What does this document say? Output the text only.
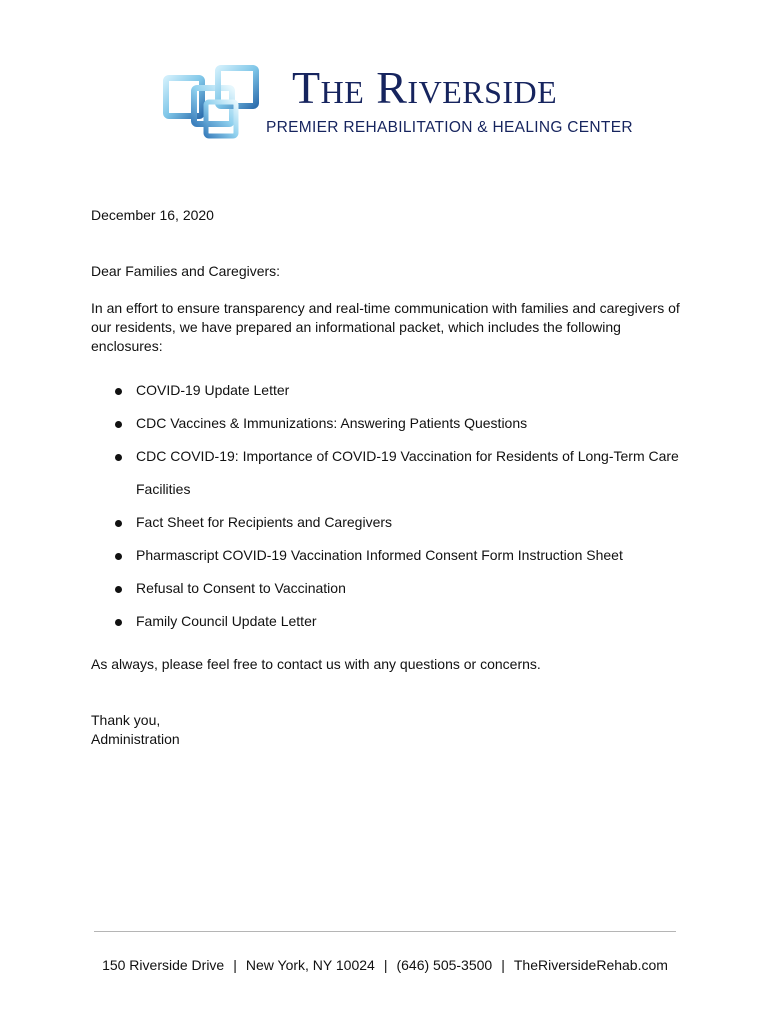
The Riverside
PREMIER REHABILITATION & HEALING CENTER
December 16, 2020
Dear Families and Caregivers:
In an effort to ensure transparency and real-time communication with families and caregivers of our residents, we have prepared an informational packet, which includes the following enclosures:
COVID-19 Update Letter
CDC Vaccines & Immunizations: Answering Patients Questions
CDC COVID-19: Importance of COVID-19 Vaccination for Residents of Long-Term Care Facilities
Fact Sheet for Recipients and Caregivers
Pharmascript COVID-19 Vaccination Informed Consent Form Instruction Sheet
Refusal to Consent to Vaccination
Family Council Update Letter
As always, please feel free to contact us with any questions or concerns.
Thank you,
Administration
150 Riverside Drive | New York, NY 10024 | (646) 505-3500 | TheRiversideRehab.com
